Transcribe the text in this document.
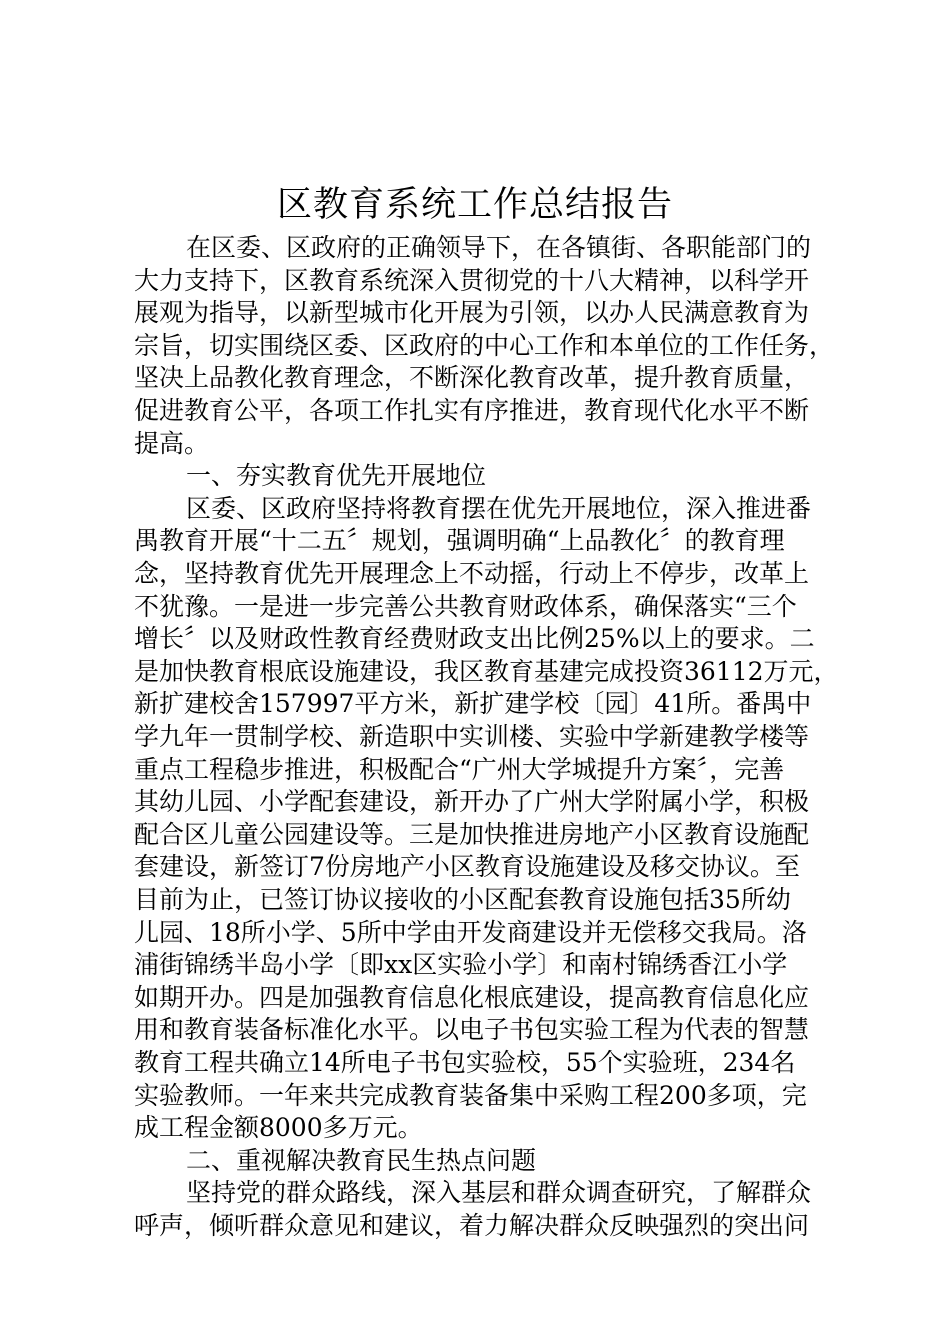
区教育系统工作总结报告
在区委、区政府的正确领导下，在各镇街、各职能部门的
大力支持下，区教育系统深入贯彻党的十八大精神，以科学开
展观为指导，以新型城市化开展为引领，以办人民满意教育为
宗旨，切实围绕区委、区政府的中心工作和本单位的工作任务，
坚决上品教化教育理念，不断深化教育改革，提升教育质量，
促进教育公平，各项工作扎实有序推进，教育现代化水平不断
提高。
一、夯实教育优先开展地位
区委、区政府坚持将教育摆在优先开展地位，深入推进番
禺教育开展“十二五〞规划，强调明确“上品教化〞的教育理
念，坚持教育优先开展理念上不动摇，行动上不停步，改革上
不犹豫。一是进一步完善公共教育财政体系，确保落实“三个
增长〞以及财政性教育经费财政支出比例25%以上的要求。二
是加快教育根底设施建设，我区教育基建完成投资36112万元，
新扩建校舍157997平方米，新扩建学校〔园〕41所。番禺中
学九年一贯制学校、新造职中实训楼、实验中学新建教学楼等
重点工程稳步推进，积极配合“广州大学城提升方案〞，完善
其幼儿园、小学配套建设，新开办了广州大学附属小学，积极
配合区儿童公园建设等。三是加快推进房地产小区教育设施配
套建设，新签订7份房地产小区教育设施建设及移交协议。至
目前为止，已签订协议接收的小区配套教育设施包括35所幼
儿园、18所小学、5所中学由开发商建设并无偿移交我局。洛
浦街锦绣半岛小学〔即xx区实验小学〕和南村锦绣香江小学
如期开办。四是加强教育信息化根底建设，提高教育信息化应
用和教育装备标准化水平。以电子书包实验工程为代表的智慧
教育工程共确立14所电子书包实验校，55个实验班，234名
实验教师。一年来共完成教育装备集中采购工程200多项，完
成工程金额8000多万元。
二、重视解决教育民生热点问题
坚持党的群众路线，深入基层和群众调查研究，了解群众
呼声，倾听群众意见和建议，着力解决群众反映强烈的突出问
